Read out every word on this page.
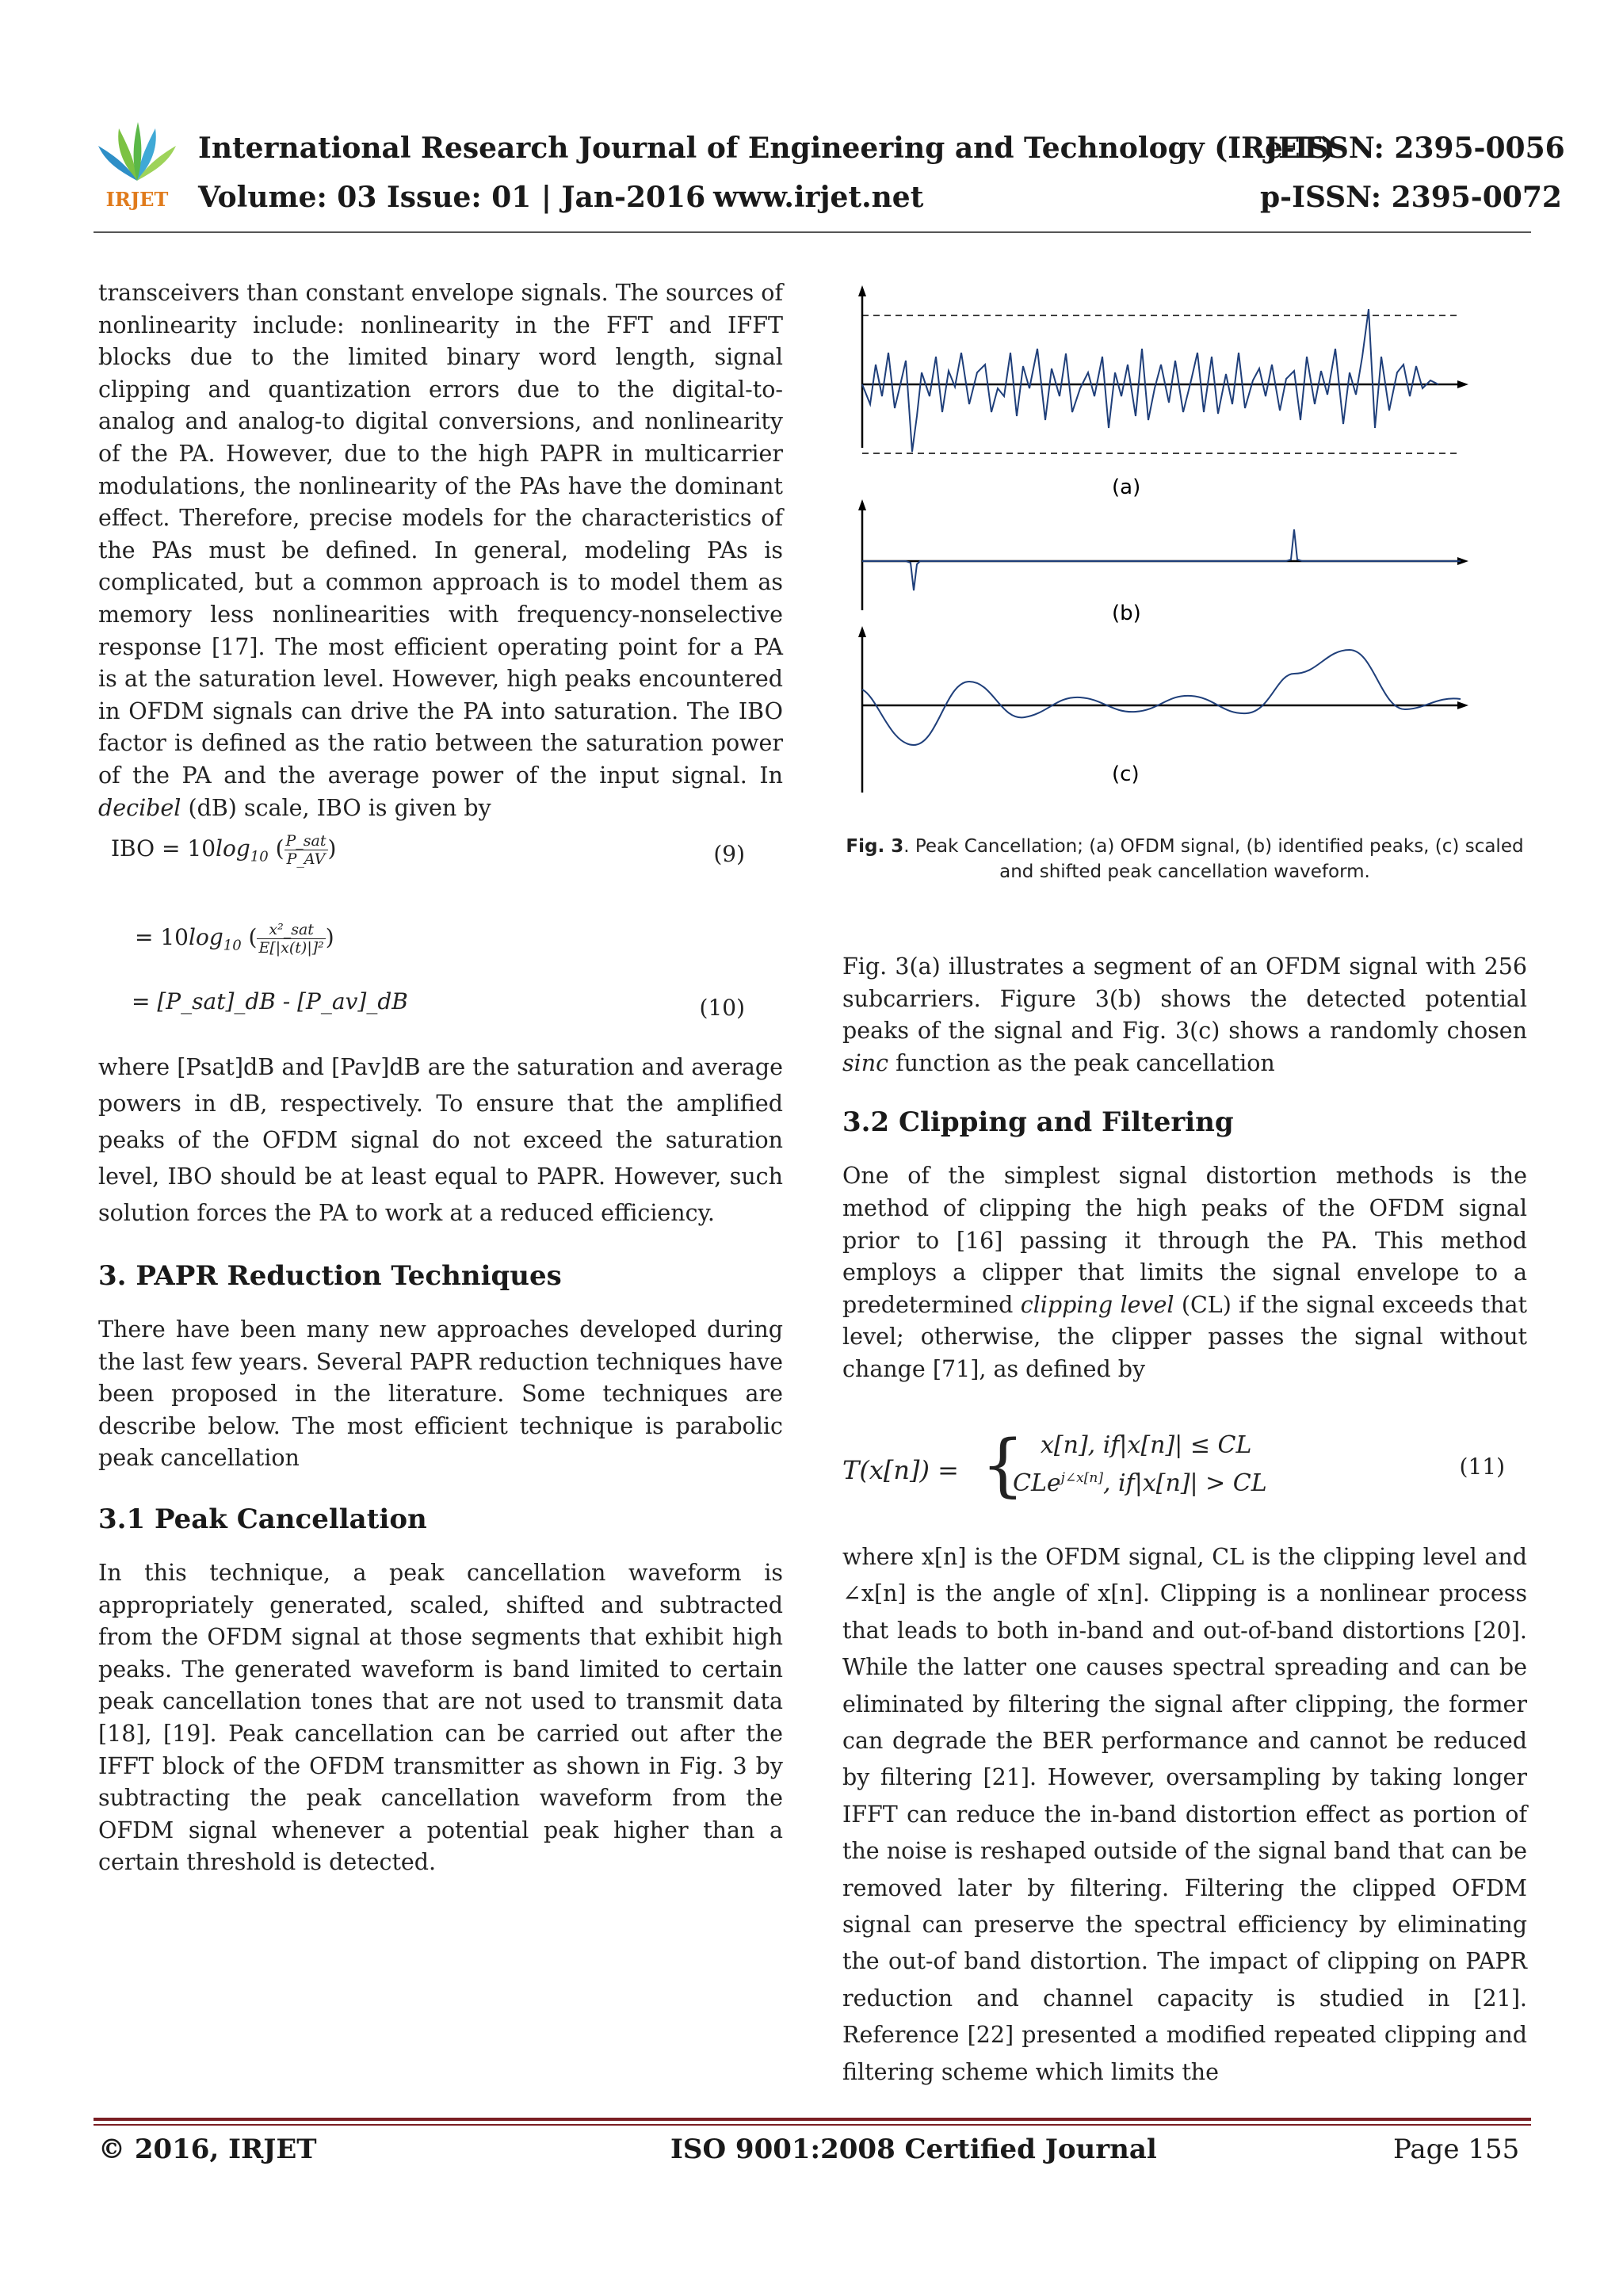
IRJET
International Research Journal of Engineering and Technology (IRJET)
e-ISSN: 2395-0056
Volume: 03 Issue: 01 | Jan-2016 www.irjet.net	p-ISSN: 2395-0072

transceivers than constant envelope signals. The sources of nonlinearity include: nonlinearity in the FFT and IFFT blocks due to the limited binary word length, signal clipping and quantization errors due to the digital-to-analog and analog-to digital conversions, and nonlinearity of the PA. However, due to the high PAPR in multicarrier modulations, the nonlinearity of the PAs have the dominant effect. Therefore, precise models for the characteristics of the PAs must be defined. In general, modeling PAs is complicated, but a common approach is to model them as memory less nonlinearities with frequency-nonselective response [17]. The most efficient operating point for a PA is at the saturation level. However, high peaks encountered in OFDM signals can drive the PA into saturation. The IBO factor is defined as the ratio between the saturation power of the PA and the average power of the input signal. In decibel (dB) scale, IBO is given by

IBO = $10\log_{10}$ ( $\frac{\text{P\_sat}}{P\_AV}$ )	(9)
= $10\log_{10}$ ( $\frac{\text{x²\_sat}}{\text{E[|x(t)|]²}}$ )
= [P_sat]_dB - [P_av]_dB	(10)

where [Psat]dB and [Pav]dB are the saturation and average powers in dB, respectively. To ensure that the amplified peaks of the OFDM signal do not exceed the saturation level, IBO should be at least equal to PAPR. However, such solution forces the PA to work at a reduced efficiency.

3. PAPR Reduction Techniques

There have been many new approaches developed during the last few years. Several PAPR reduction techniques have been proposed in the literature. Some techniques are describe below. The most efficient technique is parabolic peak cancellation

3.1 Peak Cancellation

In this technique, a peak cancellation waveform is appropriately generated, scaled, shifted and subtracted from the OFDM signal at those segments that exhibit high peaks. The generated waveform is band limited to certain peak cancellation tones that are not used to transmit data [18], [19]. Peak cancellation can be carried out after the IFFT block of the OFDM transmitter as shown in Fig. 3 by subtracting the peak cancellation waveform from the OFDM signal whenever a potential peak higher than a certain threshold is detected.

(a)
(b)
(c)
Fig. 3. Peak Cancellation; (a) OFDM signal, (b) identified peaks, (c) scaled and shifted peak cancellation waveform.

Fig. 3(a) illustrates a segment of an OFDM signal with 256 subcarriers. Figure 3(b) shows the detected potential peaks of the signal and Fig. 3(c) shows a randomly chosen sinc function as the peak cancellation

3.2 Clipping and Filtering

One of the simplest signal distortion methods is the method of clipping the high peaks of the OFDM signal prior to [16] passing it through the PA. This method employs a clipper that limits the signal envelope to a predetermined clipping level (CL) if the signal exceeds that level; otherwise, the clipper passes the signal without change [71], as defined by

T(x[n]) = { x[n], if|x[n]| ≤ CL
CLe$^{j\angle x[n]}$, if|x[n]| > CL
(11)

where x[n] is the OFDM signal, CL is the clipping level and ∠x[n] is the angle of x[n]. Clipping is a nonlinear process that leads to both in-band and out-of-band distortions [20]. While the latter one causes spectral spreading and can be eliminated by filtering the signal after clipping, the former can degrade the BER performance and cannot be reduced by filtering [21]. However, oversampling by taking longer IFFT can reduce the in-band distortion effect as portion of the noise is reshaped outside of the signal band that can be removed later by filtering. Filtering the clipped OFDM signal can preserve the spectral efficiency by eliminating the out-of band distortion. The impact of clipping on PAPR reduction and channel capacity is studied in [21]. Reference [22] presented a modified repeated clipping and filtering scheme which limits the

© 2016, IRJET	ISO 9001:2008 Certified Journal	Page 155
